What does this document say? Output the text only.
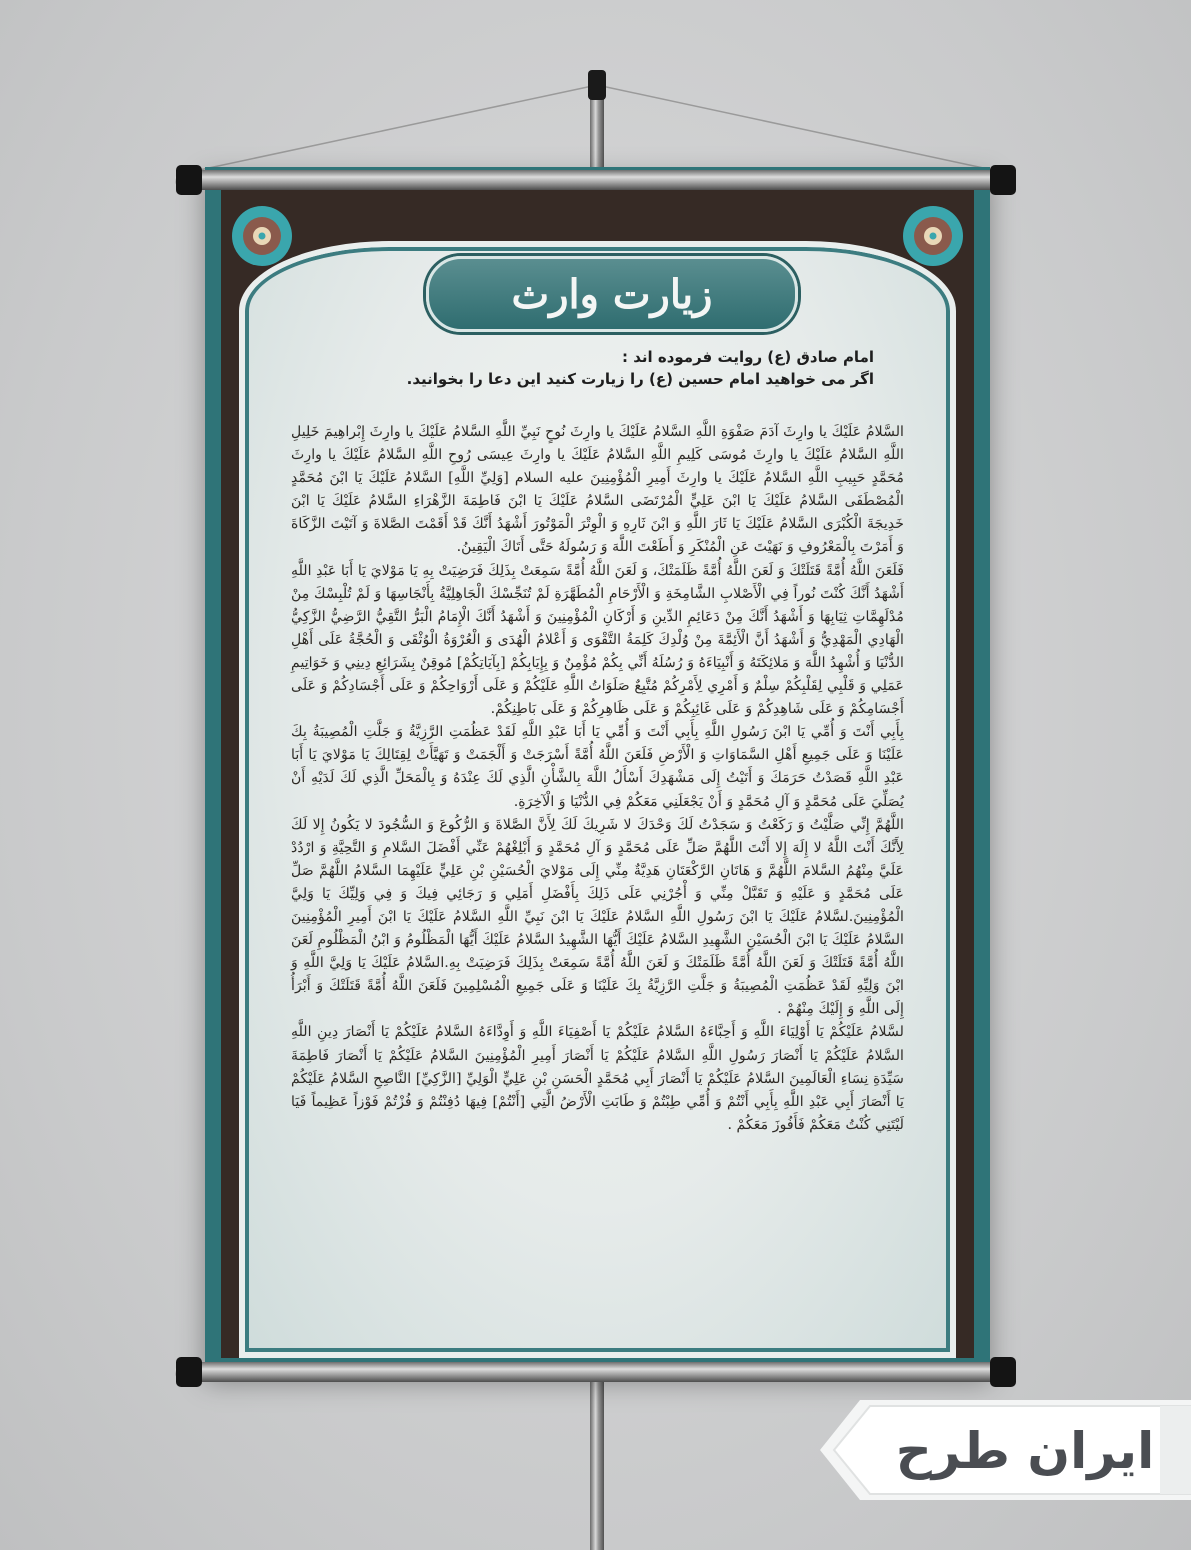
زیارت وارث
امام صادق (ع) روایت فرموده اند :
اگر می خواهید امام حسین (ع) را زیارت کنید این دعا را بخوانید.

السَّلامُ عَلَيْكَ يا وارِثَ آدَمَ صَفْوَةِ اللَّهِ السَّلامُ عَلَيْكَ يا وارِثَ نُوحٍ نَبِيِّ اللَّهِ السَّلامُ عَلَيْكَ يا وارِثَ إِبْراهِيمَ خَلِيلِ اللَّهِ السَّلامُ عَلَيْكَ يا وارِثَ مُوسَى كَلِيمِ اللَّهِ السَّلامُ عَلَيْكَ يا وارِثَ عِيسَى رُوحِ اللَّهِ السَّلامُ عَلَيْكَ يا وارِثَ مُحَمَّدٍ حَبِيبِ اللَّهِ السَّلامُ عَلَيْكَ يا وارِثَ أَمِيرِ الْمُؤْمِنِينَ عليه السلام [وَلِيِّ اللَّهِ] السَّلامُ عَلَيْكَ يَا ابْنَ مُحَمَّدٍ الْمُصْطَفَى السَّلامُ عَلَيْكَ يَا ابْنَ عَلِيٍّ الْمُرْتَضَى السَّلامُ عَلَيْكَ يَا ابْنَ فَاطِمَةَ الزَّهْرَاءِ السَّلامُ عَلَيْكَ يَا ابْنَ خَدِيجَةَ الْكُبْرَى السَّلامُ عَلَيْكَ يَا ثَارَ اللَّهِ وَ ابْنَ ثَارِهِ وَ الْوِتْرَ الْمَوْتُورَ أَشْهَدُ أَنَّكَ قَدْ أَقَمْتَ الصَّلاةَ وَ آتَيْتَ الزَّكَاةَ وَ أَمَرْتَ بِالْمَعْرُوفِ وَ نَهَيْتَ عَنِ الْمُنْكَرِ وَ أَطَعْتَ اللَّهَ وَ رَسُولَهُ حَتَّى أَتَاكَ الْيَقِينُ.

فَلَعَنَ اللَّهُ أُمَّةً قَتَلَتْكَ وَ لَعَنَ اللَّهُ أُمَّةً ظَلَمَتْكَ، وَ لَعَنَ اللَّهُ أُمَّةً سَمِعَتْ بِذَلِكَ فَرَضِيَتْ بِهِ يَا مَوْلايَ يَا أَبَا عَبْدِ اللَّهِ أَشْهَدُ أَنَّكَ كُنْتَ نُوراً فِي الْأَصْلابِ الشَّامِخَةِ وَ الْأَرْحَامِ الْمُطَهَّرَةِ لَمْ تُنَجِّسْكَ الْجَاهِلِيَّةُ بِأَنْجَاسِهَا وَ لَمْ تُلْبِسْكَ مِنْ مُدْلَهِمَّاتِ ثِيَابِهَا وَ أَشْهَدُ أَنَّكَ مِنْ دَعَائِمِ الدِّينِ وَ أَرْكَانِ الْمُؤْمِنِينَ وَ أَشْهَدُ أَنَّكَ الْإِمَامُ الْبَرُّ التَّقِيُّ الرَّضِيُّ الزَّكِيُّ الْهَادِي الْمَهْدِيُّ وَ أَشْهَدُ أَنَّ الْأَئِمَّةَ مِنْ وُلْدِكَ كَلِمَةُ التَّقْوَى وَ أَعْلامُ الْهُدَى وَ الْعُرْوَةُ الْوُثْقَى وَ الْحُجَّةُ عَلَى أَهْلِ الدُّنْيَا وَ أُشْهِدُ اللَّهَ وَ مَلائِكَتَهُ وَ أَنْبِيَاءَهُ وَ رُسُلَهُ أَنِّي بِكُمْ مُؤْمِنٌ وَ بِإِيَابِكُمْ [بِآيَاتِكُمْ] مُوقِنٌ بِشَرَائِعِ دِينِي وَ خَوَاتِيمِ عَمَلِي وَ قَلْبِي لِقَلْبِكُمْ سِلْمٌ وَ أَمْرِي لِأَمْرِكُمْ مُتَّبِعٌ صَلَوَاتُ اللَّهِ عَلَيْكُمْ وَ عَلَى أَرْوَاحِكُمْ وَ عَلَى أَجْسَادِكُمْ وَ عَلَى أَجْسَامِكُمْ وَ عَلَى شَاهِدِكُمْ وَ عَلَى غَائِبِكُمْ وَ عَلَى ظَاهِرِكُمْ وَ عَلَى بَاطِنِكُمْ.

بِأَبِي أَنْتَ وَ أُمِّي يَا ابْنَ رَسُولِ اللَّهِ بِأَبِي أَنْتَ وَ أُمِّي يَا أَبَا عَبْدِ اللَّهِ لَقَدْ عَظُمَتِ الرَّزِيَّةُ وَ جَلَّتِ الْمُصِيبَةُ بِكَ عَلَيْنَا وَ عَلَى جَمِيعِ أَهْلِ السَّمَاوَاتِ وَ الْأَرْضِ فَلَعَنَ اللَّهُ أُمَّةً أَسْرَجَتْ وَ أَلْجَمَتْ وَ تَهَيَّأَتْ لِقِتَالِكَ يَا مَوْلايَ يَا أَبَا عَبْدِ اللَّهِ قَصَدْتُ حَرَمَكَ وَ أَتَيْتُ إِلَى مَشْهَدِكَ أَسْأَلُ اللَّهَ بِالشَّأْنِ الَّذِي لَكَ عِنْدَهُ وَ بِالْمَحَلِّ الَّذِي لَكَ لَدَيْهِ أَنْ يُصَلِّيَ عَلَى مُحَمَّدٍ وَ آلِ مُحَمَّدٍ وَ أَنْ يَجْعَلَنِي مَعَكُمْ فِي الدُّنْيَا وَ الْآخِرَةِ.

اللَّهُمَّ إِنِّي صَلَّيْتُ وَ رَكَعْتُ وَ سَجَدْتُ لَكَ وَحْدَكَ لا شَرِيكَ لَكَ لِأَنَّ الصَّلاةَ وَ الرُّكُوعَ وَ السُّجُودَ لا يَكُونُ إِلا لَكَ لِأَنَّكَ أَنْتَ اللَّهُ لا إِلَهَ إِلا أَنْتَ اللَّهُمَّ صَلِّ عَلَى مُحَمَّدٍ وَ آلِ مُحَمَّدٍ وَ أَبْلِغْهُمْ عَنِّي أَفْضَلَ السَّلامِ وَ التَّحِيَّةِ وَ ارْدُدْ عَلَيَّ مِنْهُمُ السَّلامَ اللَّهُمَّ وَ هَاتَانِ الرَّكْعَتَانِ هَدِيَّةٌ مِنِّي إِلَى مَوْلايَ الْحُسَيْنِ بْنِ عَلِيٍّ عَلَيْهِمَا السَّلامُ اللَّهُمَّ صَلِّ عَلَى مُحَمَّدٍ وَ عَلَيْهِ وَ تَقَبَّلْ مِنِّي وَ أْجُرْنِي عَلَى ذَلِكَ بِأَفْضَلِ أَمَلِي وَ رَجَائِي فِيكَ وَ فِي وَلِيِّكَ يَا وَلِيَّ الْمُؤْمِنِينَ.لسَّلامُ عَلَيْكَ يَا ابْنَ رَسُولِ اللَّهِ السَّلامُ عَلَيْكَ يَا ابْنَ نَبِيِّ اللَّهِ السَّلامُ عَلَيْكَ يَا ابْنَ أَمِيرِ الْمُؤْمِنِينَ السَّلامُ عَلَيْكَ يَا ابْنَ الْحُسَيْنِ الشَّهِيدِ السَّلامُ عَلَيْكَ أَيُّهَا الشَّهِيدُ السَّلامُ عَلَيْكَ أَيُّهَا الْمَظْلُومُ وَ ابْنُ الْمَظْلُومِ لَعَنَ اللَّهُ أُمَّةً قَتَلَتْكَ وَ لَعَنَ اللَّهُ أُمَّةً ظَلَمَتْكَ وَ لَعَنَ اللَّهُ أُمَّةً سَمِعَتْ بِذَلِكَ فَرَضِيَتْ بِهِ.السَّلامُ عَلَيْكَ يَا وَلِيَّ اللَّهِ وَ ابْنَ وَلِيِّهِ لَقَدْ عَظُمَتِ الْمُصِيبَةُ وَ جَلَّتِ الرَّزِيَّةُ بِكَ عَلَيْنَا وَ عَلَى جَمِيعِ الْمُسْلِمِينَ فَلَعَنَ اللَّهُ أُمَّةً قَتَلَتْكَ وَ أَبْرَأُ إِلَى اللَّهِ وَ إِلَيْكَ مِنْهُمْ .

لسَّلامُ عَلَيْكُمْ يَا أَوْلِيَاءَ اللَّهِ وَ أَحِبَّاءَهُ السَّلامُ عَلَيْكُمْ يَا أَصْفِيَاءَ اللَّهِ وَ أَوِدَّاءَهُ السَّلامُ عَلَيْكُمْ يَا أَنْصَارَ دِينِ اللَّهِ السَّلامُ عَلَيْكُمْ يَا أَنْصَارَ رَسُولِ اللَّهِ السَّلامُ عَلَيْكُمْ يَا أَنْصَارَ أَمِيرِ الْمُؤْمِنِينَ السَّلامُ عَلَيْكُمْ يَا أَنْصَارَ فَاطِمَةَ سَيِّدَةِ نِسَاءِ الْعَالَمِينَ السَّلامُ عَلَيْكُمْ يَا أَنْصَارَ أَبِي مُحَمَّدٍ الْحَسَنِ بْنِ عَلِيٍّ الْوَلِيِّ [الزَّكِيِّ] النَّاصِحِ السَّلامُ عَلَيْكُمْ يَا أَنْصَارَ أَبِي عَبْدِ اللَّهِ بِأَبِي أَنْتُمْ وَ أُمِّي طِبْتُمْ وَ طَابَتِ الْأَرْضُ الَّتِي [أَنْتُمْ] فِيهَا دُفِنْتُمْ وَ فُزْتُمْ فَوْزاً عَظِيماً فَيَا لَيْتَنِي كُنْتُ مَعَكُمْ فَأَفُوزَ مَعَكُمْ .

ایران طرح
